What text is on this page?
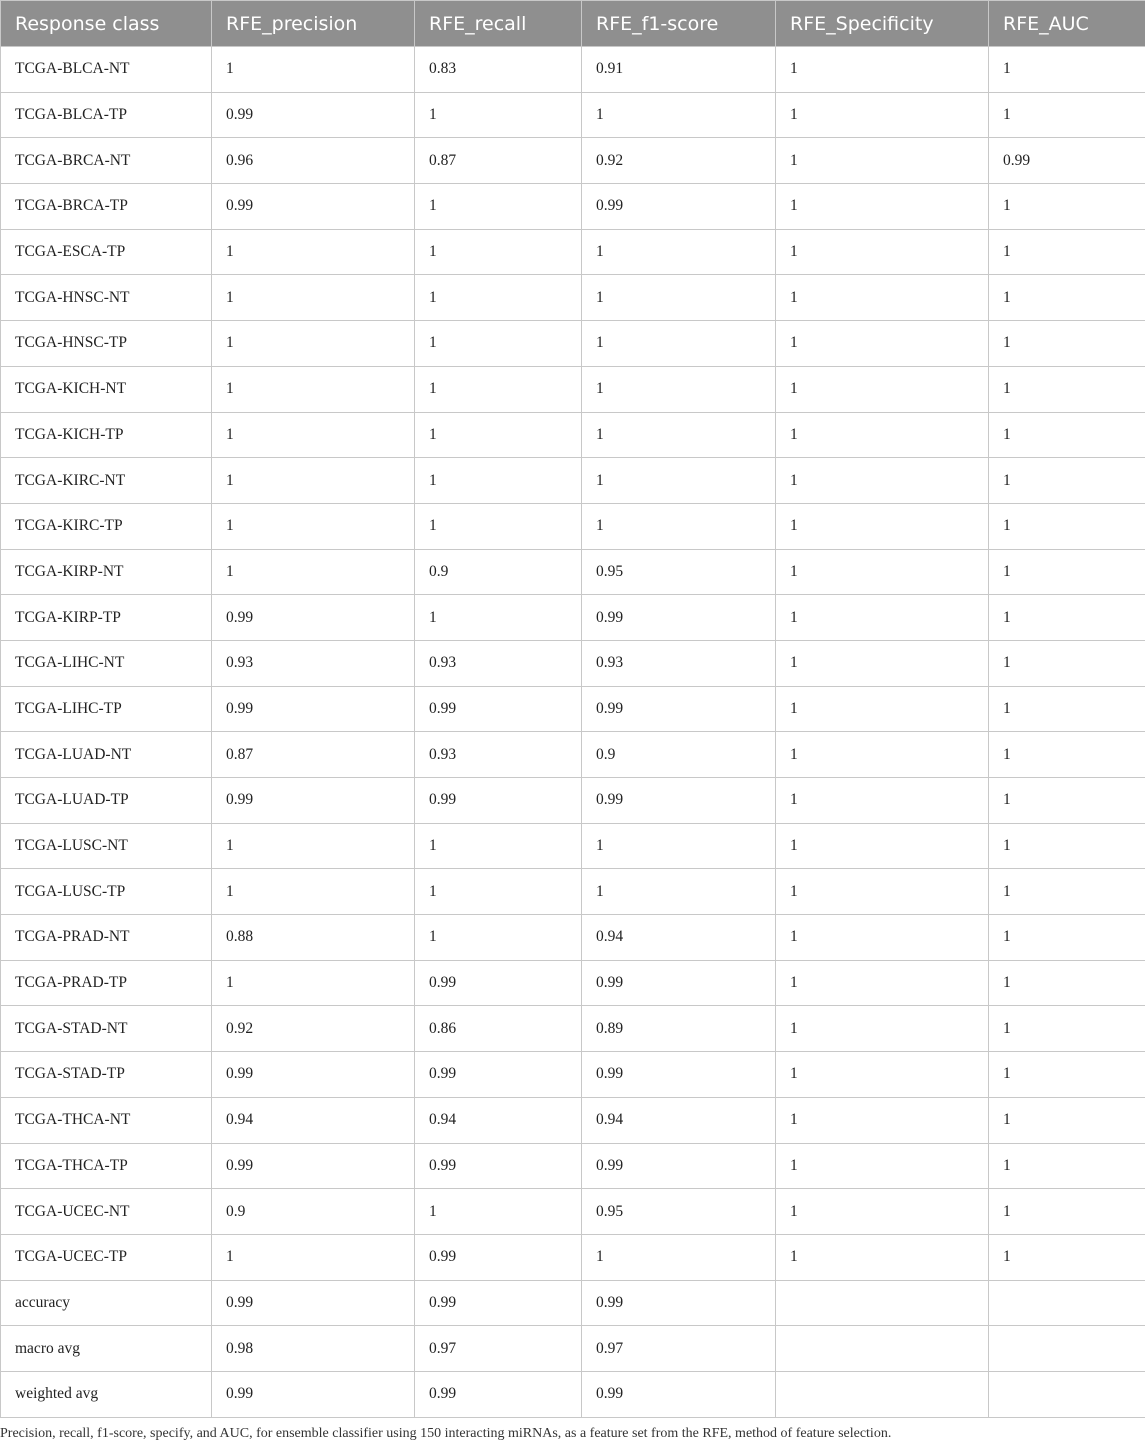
Response class	RFE_precision	RFE_recall	RFE_f1-score	RFE_Specificity	RFE_AUC
TCGA-BLCA-NT	1	0.83	0.91	1	1
TCGA-BLCA-TP	0.99	1	1	1	1
TCGA-BRCA-NT	0.96	0.87	0.92	1	0.99
TCGA-BRCA-TP	0.99	1	0.99	1	1
TCGA-ESCA-TP	1	1	1	1	1
TCGA-HNSC-NT	1	1	1	1	1
TCGA-HNSC-TP	1	1	1	1	1
TCGA-KICH-NT	1	1	1	1	1
TCGA-KICH-TP	1	1	1	1	1
TCGA-KIRC-NT	1	1	1	1	1
TCGA-KIRC-TP	1	1	1	1	1
TCGA-KIRP-NT	1	0.9	0.95	1	1
TCGA-KIRP-TP	0.99	1	0.99	1	1
TCGA-LIHC-NT	0.93	0.93	0.93	1	1
TCGA-LIHC-TP	0.99	0.99	0.99	1	1
TCGA-LUAD-NT	0.87	0.93	0.9	1	1
TCGA-LUAD-TP	0.99	0.99	0.99	1	1
TCGA-LUSC-NT	1	1	1	1	1
TCGA-LUSC-TP	1	1	1	1	1
TCGA-PRAD-NT	0.88	1	0.94	1	1
TCGA-PRAD-TP	1	0.99	0.99	1	1
TCGA-STAD-NT	0.92	0.86	0.89	1	1
TCGA-STAD-TP	0.99	0.99	0.99	1	1
TCGA-THCA-NT	0.94	0.94	0.94	1	1
TCGA-THCA-TP	0.99	0.99	0.99	1	1
TCGA-UCEC-NT	0.9	1	0.95	1	1
TCGA-UCEC-TP	1	0.99	1	1	1
accuracy	0.99	0.99	0.99		
macro avg	0.98	0.97	0.97		
weighted avg	0.99	0.99	0.99		
Precision, recall, f1-score, specify, and AUC, for ensemble classifier using 150 interacting miRNAs, as a feature set from the RFE, method of feature selection.
